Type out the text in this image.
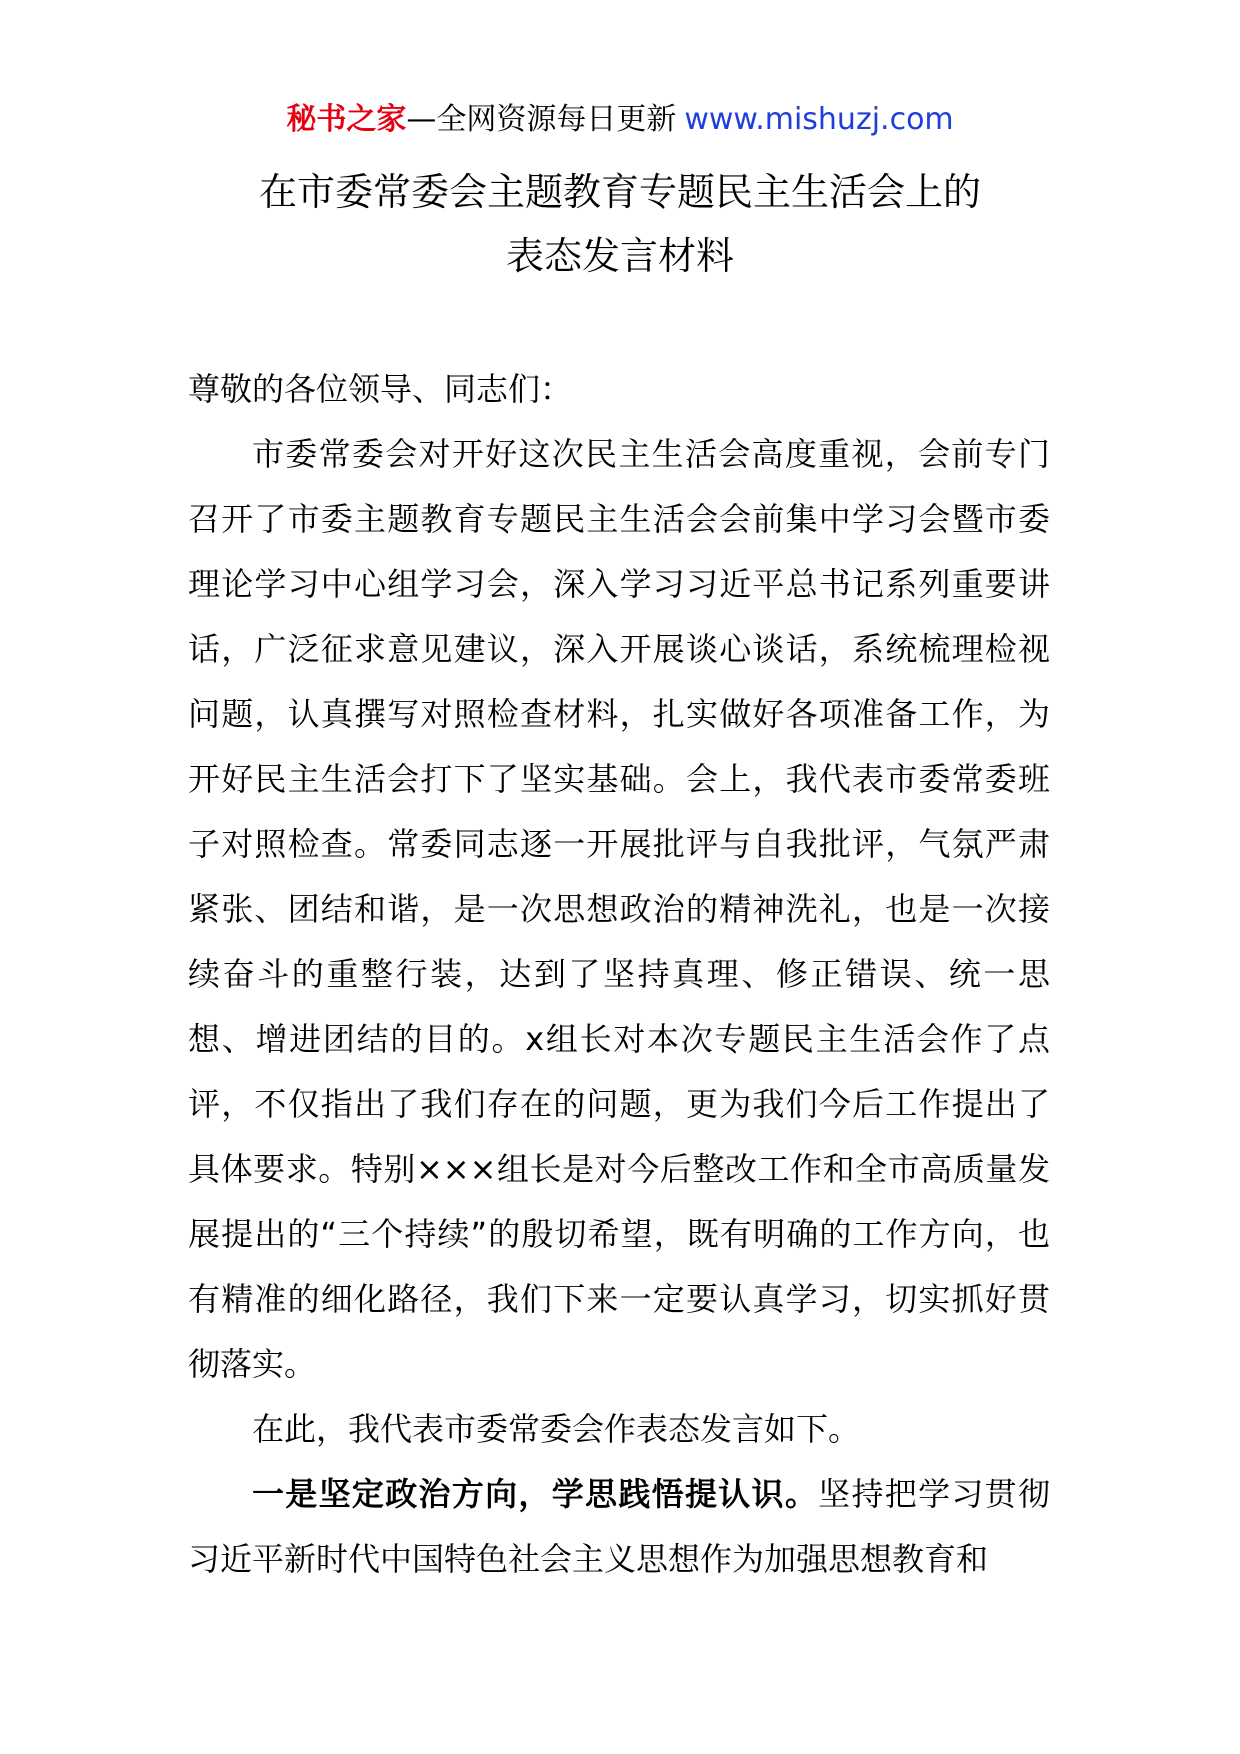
秘书之家—全网资源每日更新 www.mishuzj.com
在市委常委会主题教育专题民主生活会上的
表态发言材料

尊敬的各位领导、同志们：

市委常委会对开好这次民主生活会高度重视，会前专门召开了市委主题教育专题民主生活会会前集中学习会暨市委理论学习中心组学习会，深入学习习近平总书记系列重要讲话，广泛征求意见建议，深入开展谈心谈话，系统梳理检视问题，认真撰写对照检查材料，扎实做好各项准备工作，为开好民主生活会打下了坚实基础。会上，我代表市委常委班子对照检查。常委同志逐一开展批评与自我批评，气氛严肃紧张、团结和谐，是一次思想政治的精神洗礼，也是一次接续奋斗的重整行装，达到了坚持真理、修正错误、统一思想、增进团结的目的。x组长对本次专题民主生活会作了点评，不仅指出了我们存在的问题，更为我们今后工作提出了具体要求。特别×××组长是对今后整改工作和全市高质量发展提出的“三个持续”的殷切希望，既有明确的工作方向，也有精准的细化路径，我们下来一定要认真学习，切实抓好贯彻落实。

在此，我代表市委常委会作表态发言如下。

一是坚定政治方向，学思践悟提认识。坚持把学习贯彻习近平新时代中国特色社会主义思想作为加强思想教育和
